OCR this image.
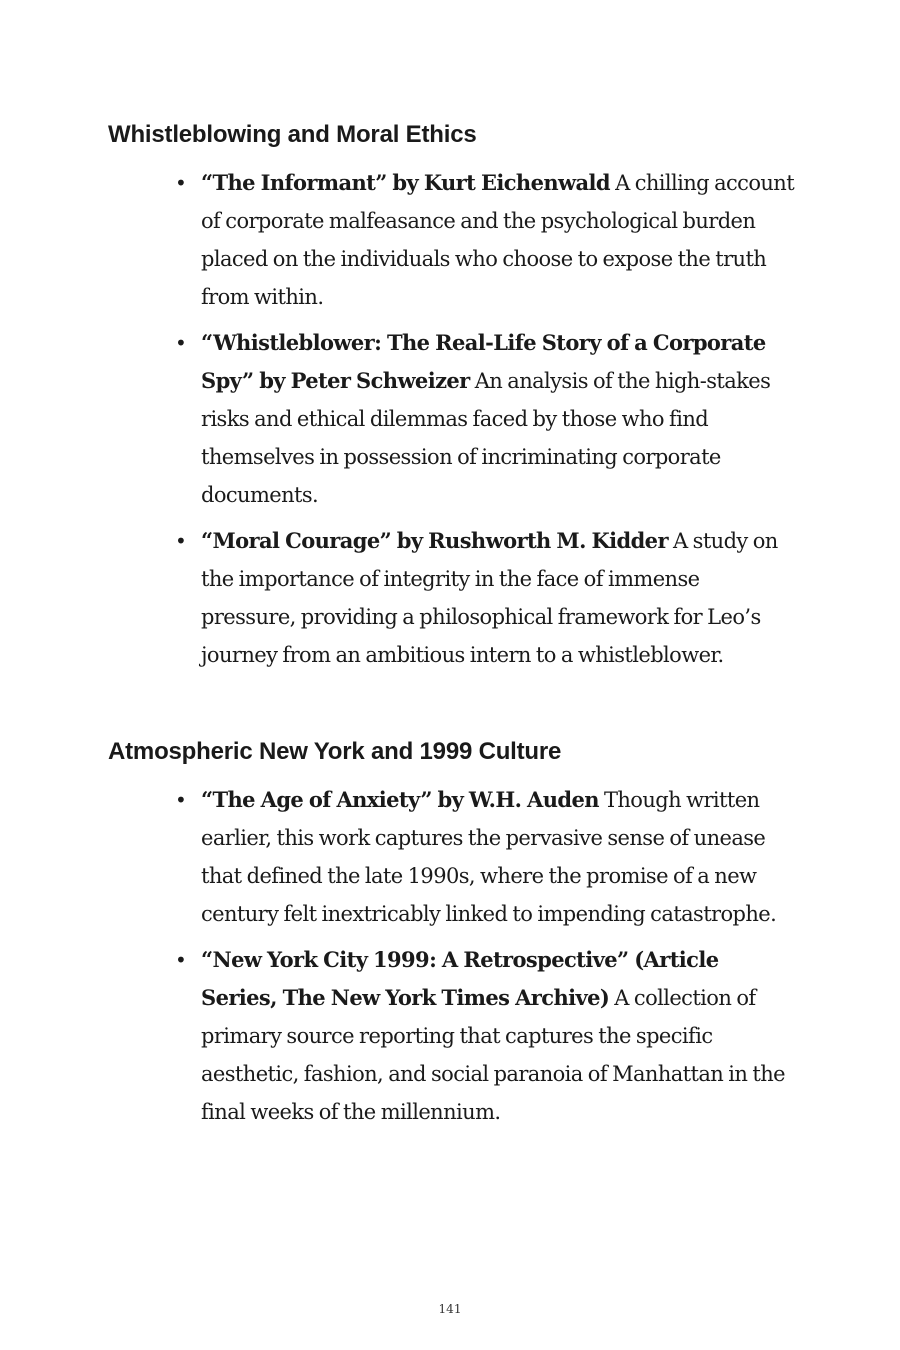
Whistleblowing and Moral Ethics
• “The Informant” by Kurt Eichenwald A chilling account of corporate malfeasance and the psychological burden placed on the individuals who choose to expose the truth from within.
• “Whistleblower: The Real-Life Story of a Corporate Spy” by Peter Schweizer An analysis of the high-stakes risks and ethical dilemmas faced by those who find themselves in possession of incriminating corporate documents.
• “Moral Courage” by Rushworth M. Kidder A study on the importance of integrity in the face of immense pressure, providing a philosophical framework for Leo’s journey from an ambitious intern to a whistleblower.
Atmospheric New York and 1999 Culture
• “The Age of Anxiety” by W.H. Auden Though written earlier, this work captures the pervasive sense of unease that defined the late 1990s, where the promise of a new century felt inextricably linked to impending catastrophe.
• “New York City 1999: A Retrospective” (Article Series, The New York Times Archive) A collection of primary source reporting that captures the specific aesthetic, fashion, and social paranoia of Manhattan in the final weeks of the millennium.
141
